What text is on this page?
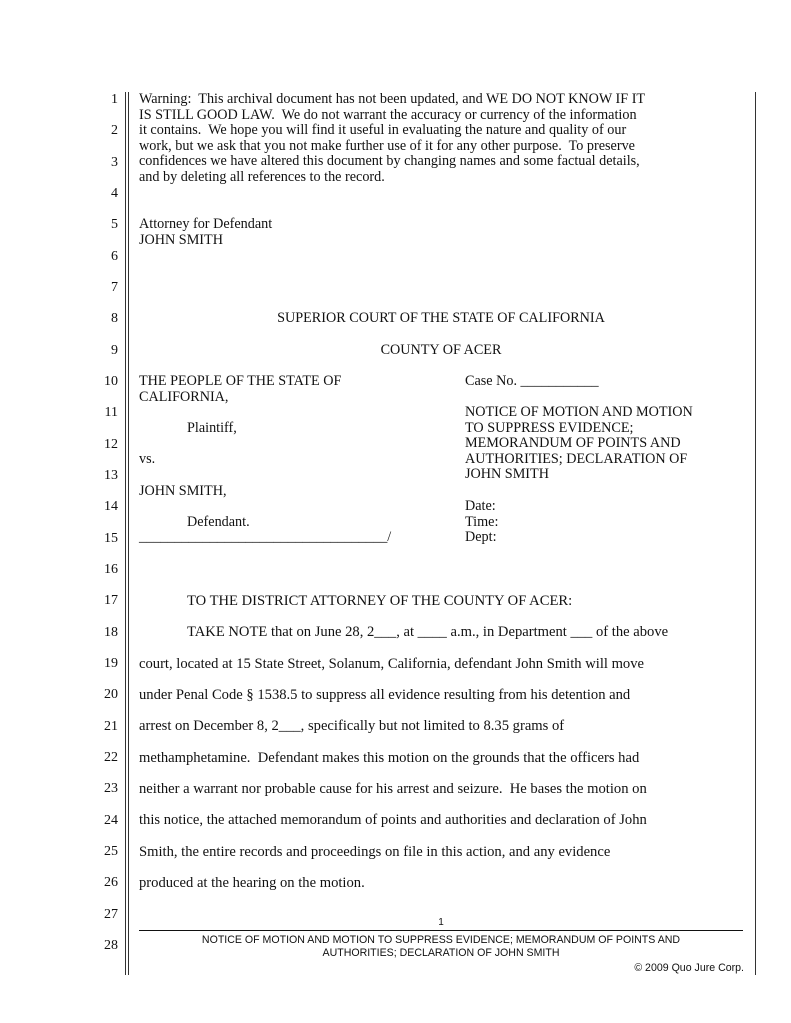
1
2
3
4
5
6
7
8
9
10
11
12
13
14
15
16
17
18
19
20
21
22
23
24
25
26
27
28
Warning:  This archival document has not been updated, and WE DO NOT KNOW IF IT
IS STILL GOOD LAW.  We do not warrant the accuracy or currency of the information
it contains.  We hope you will find it useful in evaluating the nature and quality of our
work, but we ask that you not make further use of it for any other purpose.  To preserve
confidences we have altered this document by changing names and some factual details,
and by deleting all references to the record.
Attorney for Defendant
JOHN SMITH
SUPERIOR COURT OF THE STATE OF CALIFORNIA
COUNTY OF ACER
THE PEOPLE OF THE STATE OF
CALIFORNIA,
Plaintiff,
vs.
JOHN SMITH,
Defendant.
___________________________________/
Case No. ___________
NOTICE OF MOTION AND MOTION
TO SUPPRESS EVIDENCE;
MEMORANDUM OF POINTS AND
AUTHORITIES; DECLARATION OF
JOHN SMITH
Date:
Time:
Dept:
TO THE DISTRICT ATTORNEY OF THE COUNTY OF ACER:
TAKE NOTE that on June 28, 2___, at ____ a.m., in Department ___ of the above
court, located at 15 State Street, Solanum, California, defendant John Smith will move
under Penal Code § 1538.5 to suppress all evidence resulting from his detention and
arrest on December 8, 2___, specifically but not limited to 8.35 grams of
methamphetamine.  Defendant makes this motion on the grounds that the officers had
neither a warrant nor probable cause for his arrest and seizure.  He bases the motion on
this notice, the attached memorandum of points and authorities and declaration of John
Smith, the entire records and proceedings on file in this action, and any evidence
produced at the hearing on the motion.
1
NOTICE OF MOTION AND MOTION TO SUPPRESS EVIDENCE; MEMORANDUM OF POINTS AND
AUTHORITIES; DECLARATION OF JOHN SMITH
© 2009 Quo Jure Corp.
